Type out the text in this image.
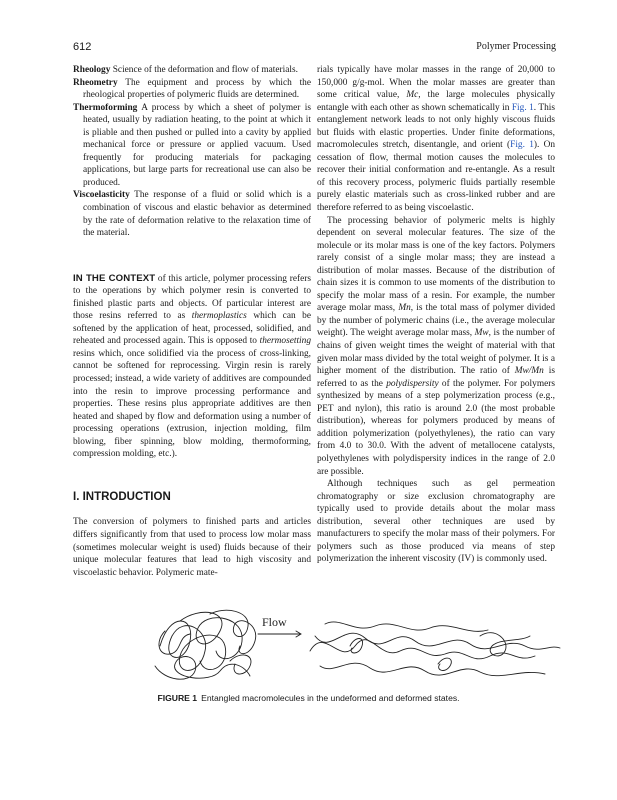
612	Polymer Processing

Rheology Science of the deformation and flow of materials.

Rheometry The equipment and process by which the rheological properties of polymeric fluids are determined.

Thermoforming A process by which a sheet of polymer is heated, usually by radiation heating, to the point at which it is pliable and then pushed or pulled into a cavity by applied mechanical force or pressure or applied vacuum. Used frequently for producing materials for packaging applications, but large parts for recreational use can also be produced.

Viscoelasticity The response of a fluid or solid which is a combination of viscous and elastic behavior as determined by the rate of deformation relative to the relaxation time of the material.

IN THE CONTEXT of this article, polymer processing refers to the operations by which polymer resin is converted to finished plastic parts and objects. Of particular interest are those resins referred to as thermoplastics which can be softened by the application of heat, processed, solidified, and reheated and processed again. This is opposed to thermosetting resins which, once solidified via the process of cross-linking, cannot be softened for reprocessing. Virgin resin is rarely processed; instead, a wide variety of additives are compounded into the resin to improve processing performance and properties. These resins plus appropriate additives are then heated and shaped by flow and deformation using a number of processing operations (extrusion, injection molding, film blowing, fiber spinning, blow molding, thermoforming, compression molding, etc.).

I. INTRODUCTION

The conversion of polymers to finished parts and articles differs significantly from that used to process low molar mass (sometimes molecular weight is used) fluids because of their unique molecular features that lead to high viscosity and viscoelastic behavior. Polymeric mate-

rials typically have molar masses in the range of 20,000 to 150,000 g/g-mol. When the molar masses are greater than some critical value, Mc, the large molecules physically entangle with each other as shown schematically in Fig. 1. This entanglement network leads to not only highly viscous fluids but fluids with elastic properties. Under finite deformations, macromolecules stretch, disentangle, and orient (Fig. 1). On cessation of flow, thermal motion causes the molecules to recover their initial conformation and re-entangle. As a result of this recovery process, polymeric fluids partially resemble purely elastic materials such as cross-linked rubber and are therefore referred to as being viscoelastic.

The processing behavior of polymeric melts is highly dependent on several molecular features. The size of the molecule or its molar mass is one of the key factors. Polymers rarely consist of a single molar mass; they are instead a distribution of molar masses. Because of the distribution of chain sizes it is common to use moments of the distribution to specify the molar mass of a resin. For example, the number average molar mass, Mn, is the total mass of polymer divided by the number of polymeric chains (i.e., the average molecular weight). The weight average molar mass, Mw, is the number of chains of given weight times the weight of material with that given molar mass divided by the total weight of polymer. It is a higher moment of the distribution. The ratio of Mw/Mn is referred to as the polydispersity of the polymer. For polymers synthesized by means of a step polymerization process (e.g., PET and nylon), this ratio is around 2.0 (the most probable distribution), whereas for polymers produced by means of addition polymerization (polyethylenes), the ratio can vary from 4.0 to 30.0. With the advent of metallocene catalysts, polyethylenes with polydispersity indices in the range of 2.0 are possible.

Although techniques such as gel permeation chromatography or size exclusion chromatography are typically used to provide details about the molar mass distribution, several other techniques are used by manufacturers to specify the molar mass of their polymers. For polymers such as those produced via means of step polymerization the inherent viscosity (IV) is commonly used.

Flow
FIGURE 1 Entangled macromolecules in the undeformed and deformed states.
